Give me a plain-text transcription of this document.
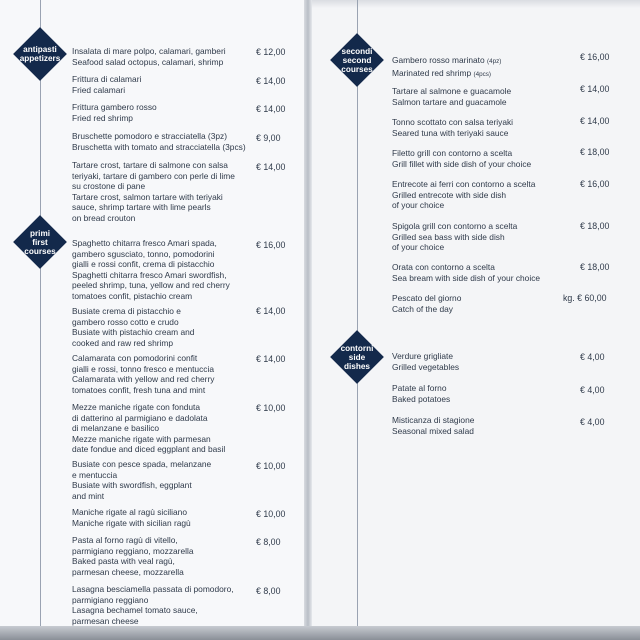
antipasti
appetizers
primi
first
courses
secondi
second
courses
contorni
side
dishes
Insalata di mare polpo, calamari, gamberi
Seafood salad octopus, calamari, shrimp
€ 12,00
Frittura di calamari
Fried calamari
€ 14,00
Frittura gambero rosso
Fried red shrimp
€ 14,00
Bruschette pomodoro e stracciatella (3pz)
Bruschetta with tomato and stracciatella (3pcs)
€ 9,00
Tartare crost, tartare di salmone con salsa
teriyaki, tartare di gambero con perle di lime
su crostone di pane
Tartare crost, salmon tartare with teriyaki
sauce, shrimp tartare with lime pearls
on bread crouton
€ 14,00
Spaghetto chitarra fresco Amari spada,
gambero sgusciato, tonno, pomodorini
gialli e rossi confit, crema di pistacchio
Spaghetti chitarra fresco Amari swordfish,
peeled shrimp, tuna, yellow and red cherry
tomatoes confit, pistachio cream
€ 16,00
Busiate crema di pistacchio e
gambero rosso cotto e crudo
Busiate with pistachio cream and
cooked and raw red shrimp
€ 14,00
Calamarata con pomodorini confit
gialli e rossi, tonno fresco e mentuccia
Calamarata with yellow and red cherry
tomatoes confit, fresh tuna and mint
€ 14,00
Mezze maniche rigate con fonduta
di datterino al parmigiano e dadolata
di melanzane e basilico
Mezze maniche rigate with parmesan
date fondue and diced eggplant and basil
€ 10,00
Busiate con pesce spada, melanzane
e mentuccia
Busiate with swordfish, eggplant
and mint
€ 10,00
Maniche rigate al ragù siciliano
Maniche rigate with sicilian ragù
€ 10,00
Pasta al forno ragù di vitello,
parmigiano reggiano, mozzarella
Baked pasta with veal ragù,
parmesan cheese, mozzarella
€ 8,00
Lasagna besciamella passata di pomodoro,
parmigiano reggiano
Lasagna bechamel tomato sauce,
parmesan cheese
€ 8,00
Gambero rosso marinato (4pz)
Marinated red shrimp (4pcs)
€ 16,00
Tartare al salmone e guacamole
Salmon tartare and guacamole
€ 14,00
Tonno scottato con salsa teriyaki
Seared tuna with teriyaki sauce
€ 14,00
Filetto grill con contorno a scelta
Grill fillet with side dish of your choice
€ 18,00
Entrecote ai ferri con contorno a scelta
Grilled entrecote with side dish
of your choice
€ 16,00
Spigola grill con contorno a scelta
Grilled sea bass with side dish
of your choice
€ 18,00
Orata con contorno a scelta
Sea bream with side dish of your choice
€ 18,00
Pescato del giorno
Catch of the day
kg. € 60,00
Verdure grigliate
Grilled vegetables
€ 4,00
Patate al forno
Baked potatoes
€ 4,00
Misticanza di stagione
Seasonal mixed salad
€ 4,00
